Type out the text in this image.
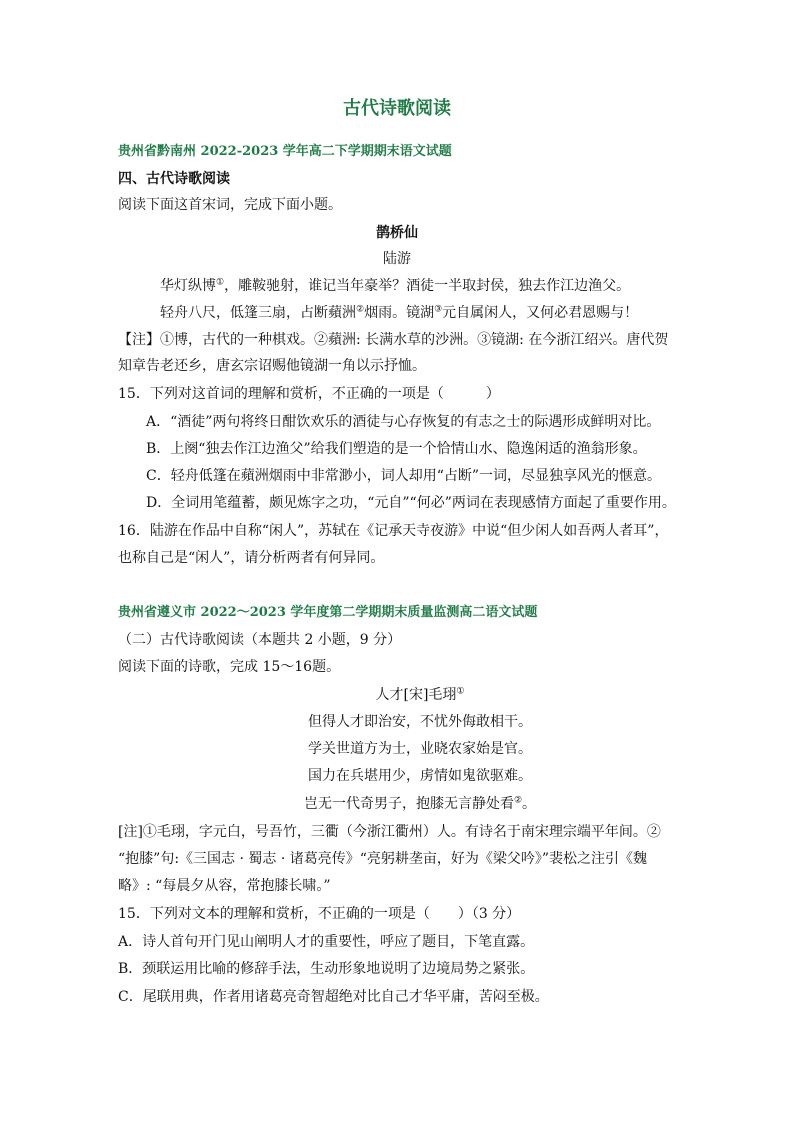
古代诗歌阅读
贵州省黔南州 2022-2023 学年高二下学期期末语文试题
四、古代诗歌阅读
阅读下面这首宋词，完成下面小题。
鹊桥仙
陆游
华灯纵博①，雕鞍驰射，谁记当年豪举？酒徒一半取封侯，独去作江边渔父。
轻舟八尺，低篷三扇，占断蘋洲②烟雨。镜湖③元自属闲人，又何必君恩赐与！
【注】①博，古代的一种棋戏。②蘋洲: 长满水草的沙洲。③镜湖: 在今浙江绍兴。唐代贺
知章告老还乡，唐玄宗诏赐他镜湖一角以示抒恤。
15．下列对这首词的理解和赏析，不正确的一项是（　　　）
A．“酒徒”两句将终日酣饮欢乐的酒徒与心存恢复的有志之士的际遇形成鲜明对比。
B．上阕“独去作江边渔父”给我们塑造的是一个恰情山水、隐逸闲适的渔翁形象。
C．轻舟低篷在蘋洲烟雨中非常渺小，词人却用“占断”一词，尽显独享风光的惬意。
D．全词用笔蕴蓄，颇见炼字之功，“元自”“何必”两词在表现感情方面起了重要作用。
16．陆游在作品中自称“闲人”，苏轼在《记承天寺夜游》中说“但少闲人如吾两人者耳”，
也称自己是“闲人”，请分析两者有何异同。
贵州省遵义市 2022～2023 学年度第二学期期末质量监测高二语文试题
（二）古代诗歌阅读（本题共 2 小题，9 分）
阅读下面的诗歌，完成 15～16题。
人才[宋]毛珝①
但得人才即治安，不忧外侮敢相干。
学关世道方为士，业晓农家始是官。
国力在兵堪用少，虏情如鬼欲驱难。
岂无一代奇男子，抱膝无言静处看②。
[注]①毛珝，字元白，号吾竹，三衢（今浙江衢州）人。有诗名于南宋理宗端平年间。②
“抱膝”句:《三国志 · 蜀志 · 诸葛亮传》“亮躬耕垄亩，好为《梁父吟》”裴松之注引《魏
略》: “每晨夕从容，常抱膝长啸。”
15．下列对文本的理解和赏析，不正确的一项是（　　）（3 分）
A．诗人首句开门见山阐明人才的重要性，呼应了题目，下笔直露。
B．颈联运用比喻的修辞手法，生动形象地说明了边境局势之紧张。
C．尾联用典，作者用诸葛亮奇智超绝对比自己才华平庸，苦闷至极。
